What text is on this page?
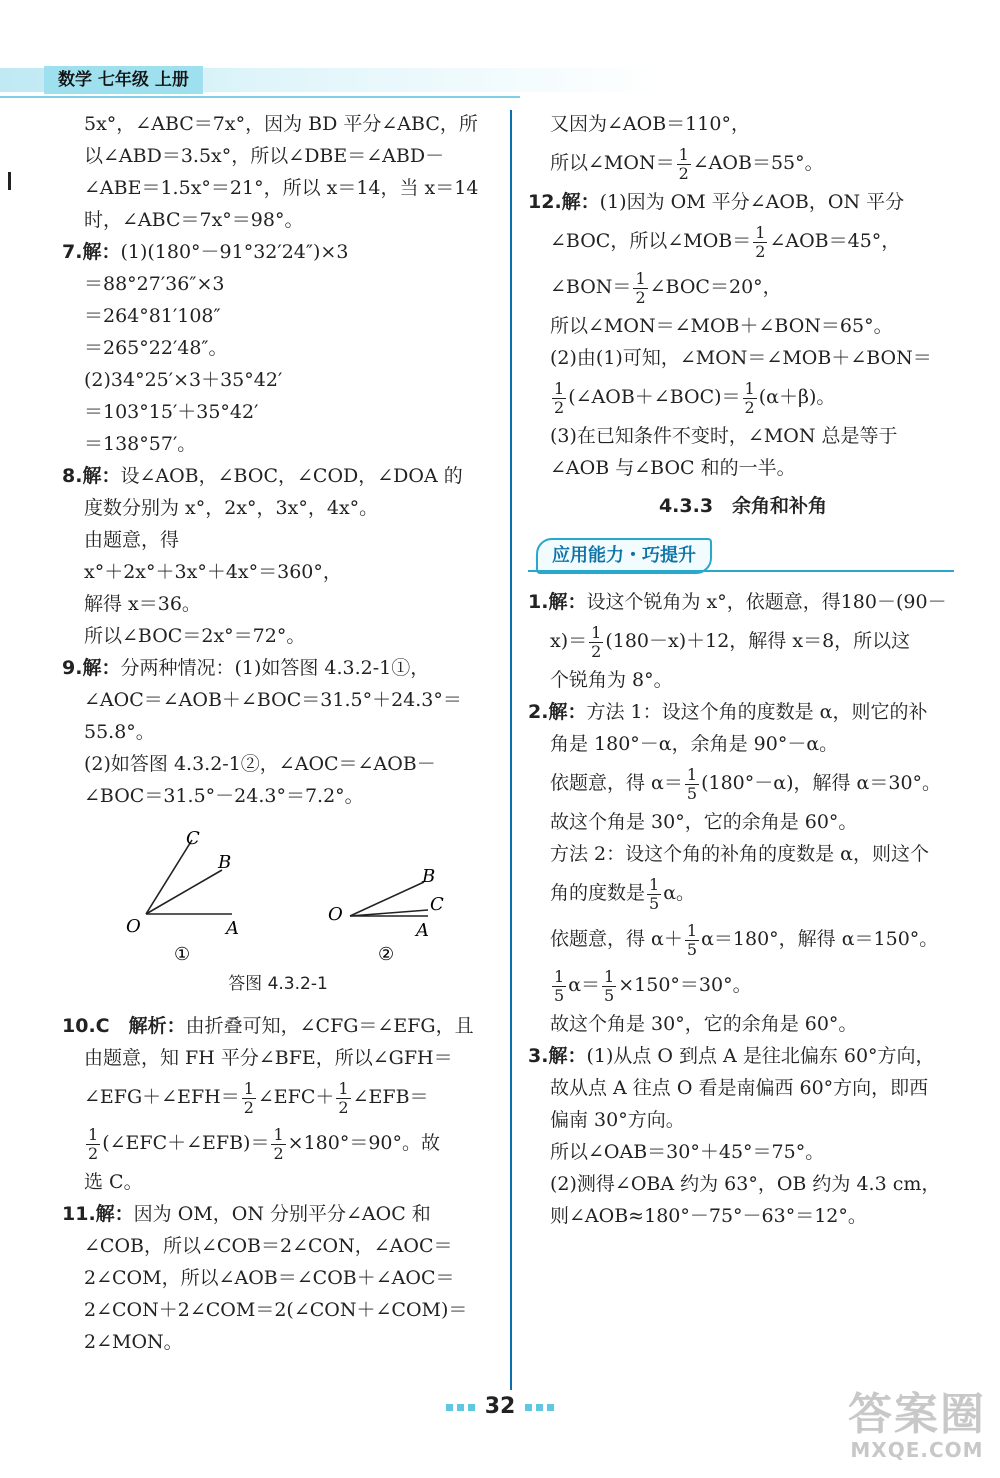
数学 七年级 上册

5x°，∠ABC＝7x°，因为 BD 平分∠ABC，所

以∠ABD＝3.5x°，所以∠DBE＝∠ABD－

∠ABE＝1.5x°＝21°，所以 x＝14，当 x＝14

时，∠ABC＝7x°＝98°。

7.解：(1)(180°－91°32′24″)×3

＝88°27′36″×3

＝264°81′108″

＝265°22′48″。

(2)34°25′×3＋35°42′

＝103°15′＋35°42′

＝138°57′。

8.解：设∠AOB，∠BOC，∠COD，∠DOA 的

度数分别为 x°，2x°，3x°，4x°。

由题意，得

x°＋2x°＋3x°＋4x°＝360°，

解得 x＝36。

所以∠BOC＝2x°＝72°。

9.解：分两种情况：(1)如答图 4.3.2-1①，

∠AOC＝∠AOB＋∠BOC＝31.5°＋24.3°＝

55.8°。

(2)如答图 4.3.2-1②，∠AOC＝∠AOB－

∠BOC＝31.5°－24.3°＝7.2°。

O
C
B
A
①
O
B
C
A
②
答图 4.3.2-1

10.C　解析：由折叠可知，∠CFG＝∠EFG，且

由题意，知 FH 平分∠BFE，所以∠GFH＝

∠EFG＋∠EFH＝ $\frac{1}{2}$ ∠EFC＋ $\frac{1}{2}$ ∠EFB＝

$\frac{1}{2}$ (∠EFC＋∠EFB)＝ $\frac{1}{2} \times 180^\circ=90^\circ$。故

选 C。

11.解：因为 OM，ON 分别平分∠AOC 和

∠COB，所以∠COB＝2∠CON，∠AOC＝

2∠COM，所以∠AOB＝∠COB＋∠AOC＝

2∠CON＋2∠COM＝2(∠CON＋∠COM)＝

2∠MON。

又因为∠AOB＝110°，

所以∠MON＝ $\frac{1}{2}$ ∠AOB＝55°。

12.解：(1)因为 OM 平分∠AOB，ON 平分

∠BOC，所以∠MOB＝ $\frac{1}{2}$ ∠AOB＝45°，

∠BON＝ $\frac{1}{2}$ ∠BOC＝20°，

所以∠MON＝∠MOB＋∠BON＝65°。

(2)由(1)可知，∠MON＝∠MOB＋∠BON＝

$\frac{1}{2}$ (∠AOB＋∠BOC)＝ $\frac{1}{2} (\alpha+\beta)$。

(3)在已知条件不变时，∠MON 总是等于

∠AOB 与∠BOC 和的一半。

4.3.3　余角和补角
应用能力・巧提升

1.解：设这个锐角为 x°，依题意，得180－(90－

$x)= \frac{1}{2} (180-x)+12$，解得 x＝8，所以这

个锐角为 8°。

2.解：方法 1：设这个角的度数是 α，则它的补

角是 180°－α，余角是 90°－α。

依题意，得 $\alpha= \frac{1}{5} (180^\circ-\alpha)$，解得 α＝30°。

故这个角是 30°，它的余角是 60°。

方法 2：设这个角的补角的度数是 α，则这个

角的度数是 $\frac{1}{5}$ α。

依题意，得 $\alpha+ \frac{1}{5} \alpha=180^\circ$，解得 α＝150°。

$\frac{1}{5} \alpha= \frac{1}{5} \times 150^\circ=30^\circ$。

故这个角是 30°，它的余角是 60°。

3.解：(1)从点 O 到点 A 是往北偏东 60°方向，

故从点 A 往点 O 看是南偏西 60°方向，即西

偏南 30°方向。

所以∠OAB＝30°＋45°＝75°。

(2)测得∠OBA 约为 63°，OB 约为 4.3 cm，

则∠AOB≈180°－75°－63°＝12°。

32	答案圈
MXQE.COM
